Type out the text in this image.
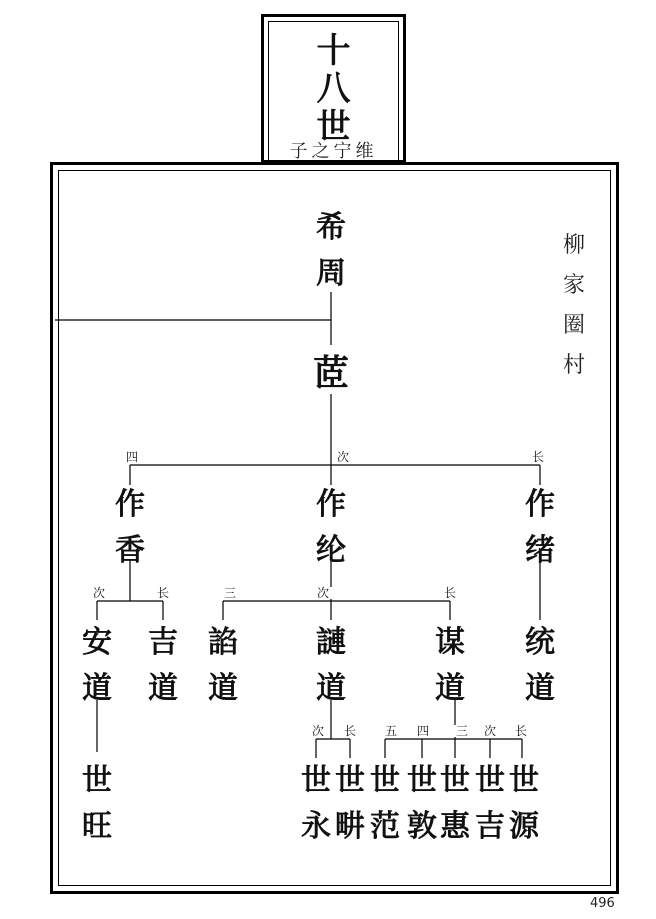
十
八
世
子之宁维
柳
家
圈
村
希周
茝
作香
作纶
作绪
安道
吉道
諂道
謰道
谋道
统道
世旺
世永
世畊
世范
世敦
世惠
世吉
世源
四	次	长
次	长	三	次	长
次	长	五	四	三	次	长
496
